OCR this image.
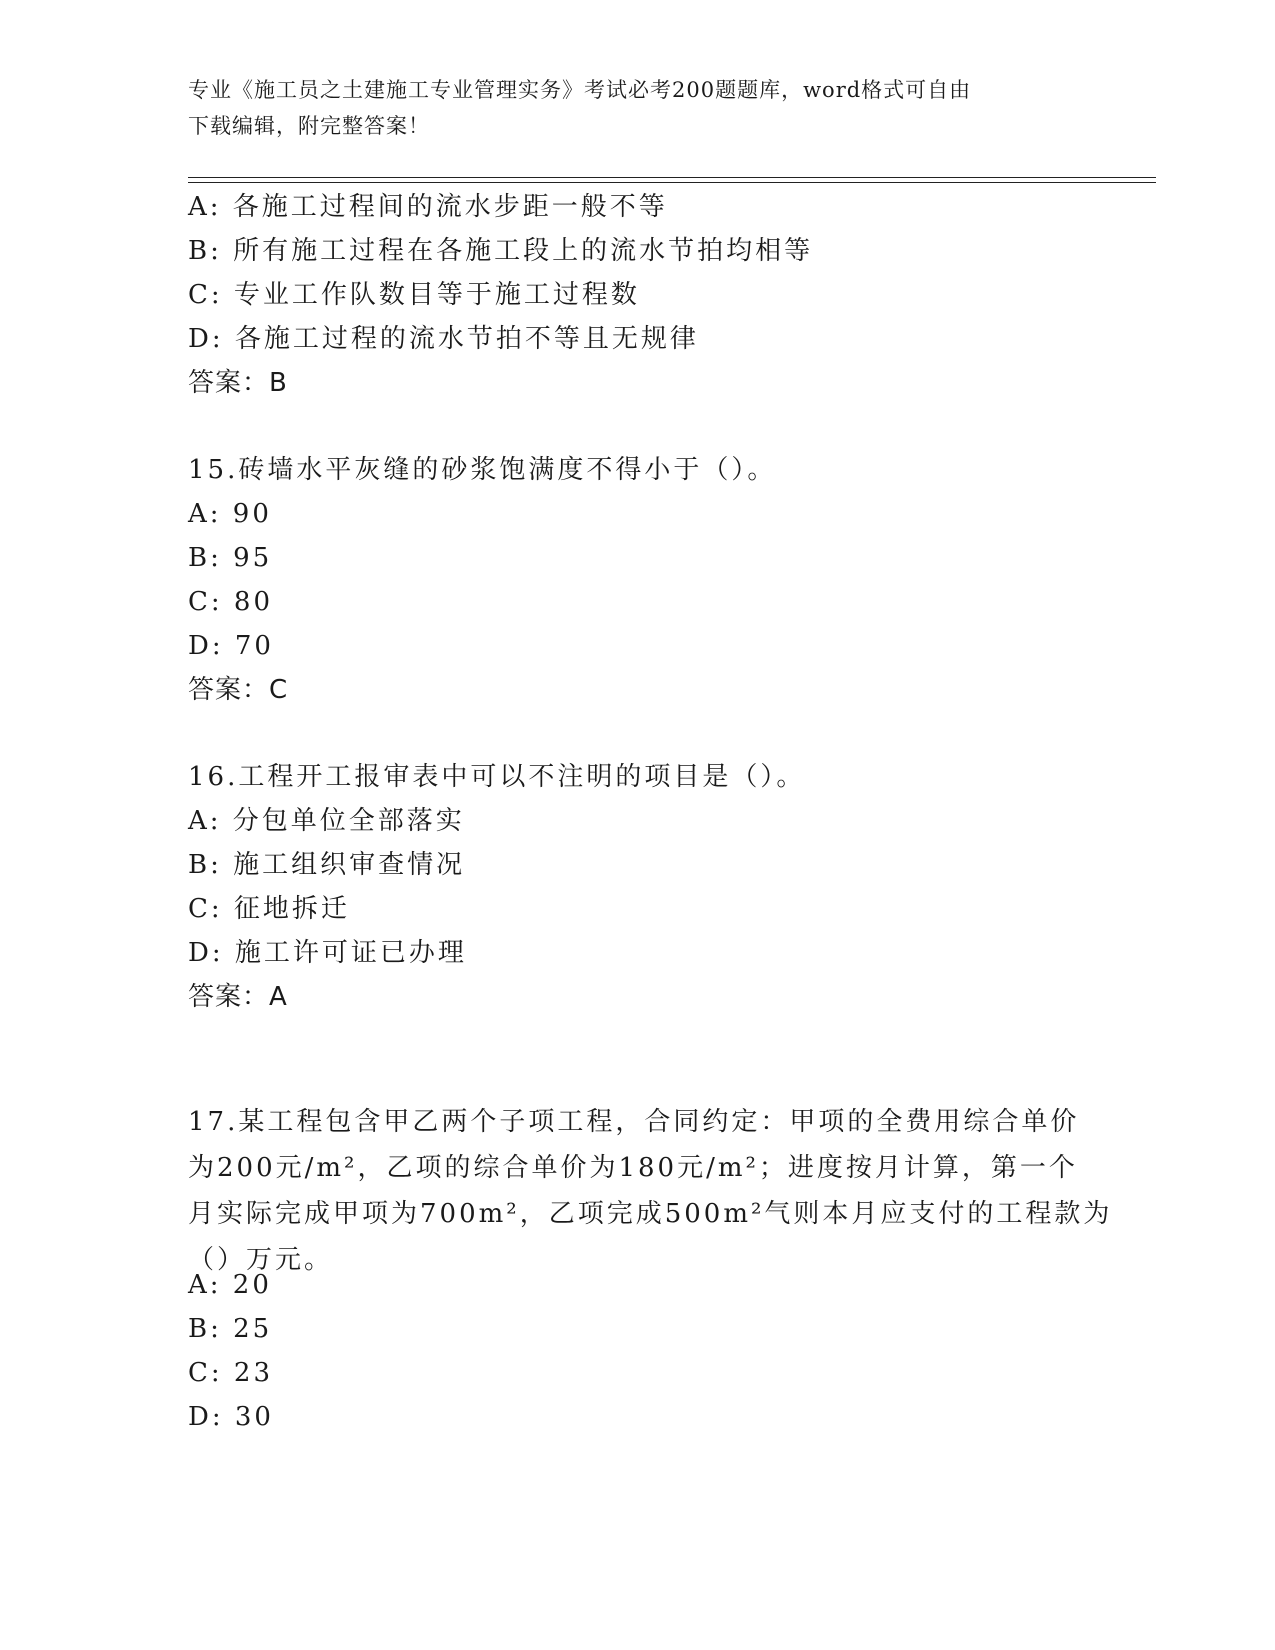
专业《施工员之土建施工专业管理实务》考试必考200题题库，word格式可自由
下载编辑，附完整答案！
A: 各施工过程间的流水步距一般不等
B: 所有施工过程在各施工段上的流水节拍均相等
C: 专业工作队数目等于施工过程数
D: 各施工过程的流水节拍不等且无规律
答案：B
15.砖墙水平灰缝的砂浆饱满度不得小于（）。
A: 90
B: 95
C: 80
D: 70
答案：C
16.工程开工报审表中可以不注明的项目是（）。
A: 分包单位全部落实
B: 施工组织审查情况
C: 征地拆迁
D: 施工许可证已办理
答案：A
17.某工程包含甲乙两个子项工程，合同约定：甲项的全费用综合单价
为200元/m²，乙项的综合单价为180元/m²；进度按月计算，第一个
月实际完成甲项为700m²，乙项完成500m²气则本月应支付的工程款为
（）万元。
A: 20
B: 25
C: 23
D: 30
